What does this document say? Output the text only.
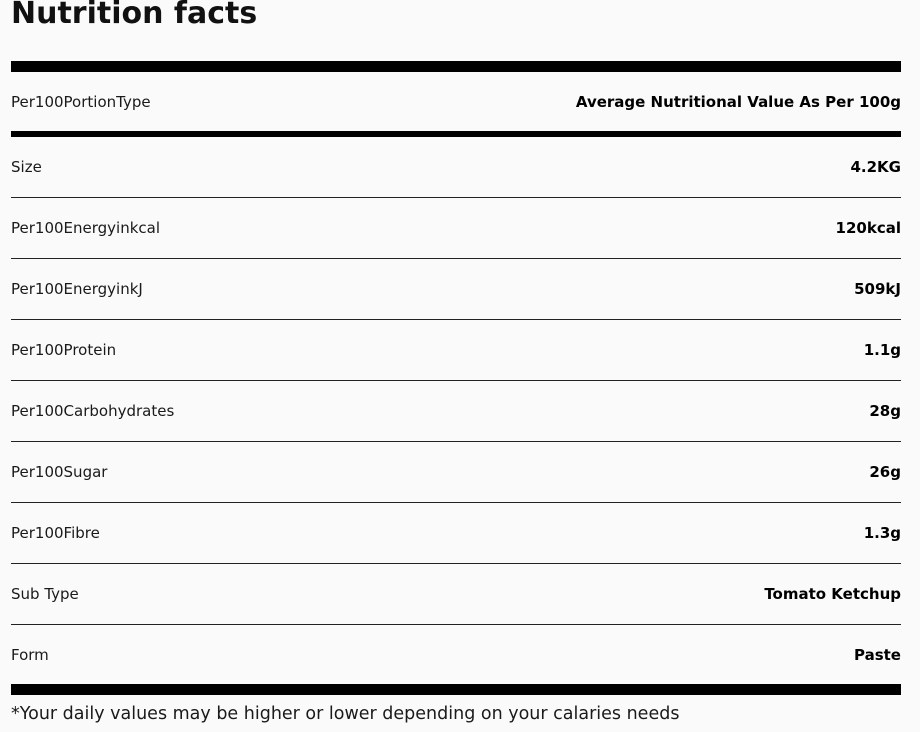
Nutrition facts
Per100PortionType	Average Nutritional Value As Per 100g
Size	4.2KG
Per100Energyinkcal	120kcal
Per100EnergyinkJ	509kJ
Per100Protein	1.1g
Per100Carbohydrates	28g
Per100Sugar	26g
Per100Fibre	1.3g
Sub Type	Tomato Ketchup
Form	Paste
*Your daily values may be higher or lower depending on your calaries needs
